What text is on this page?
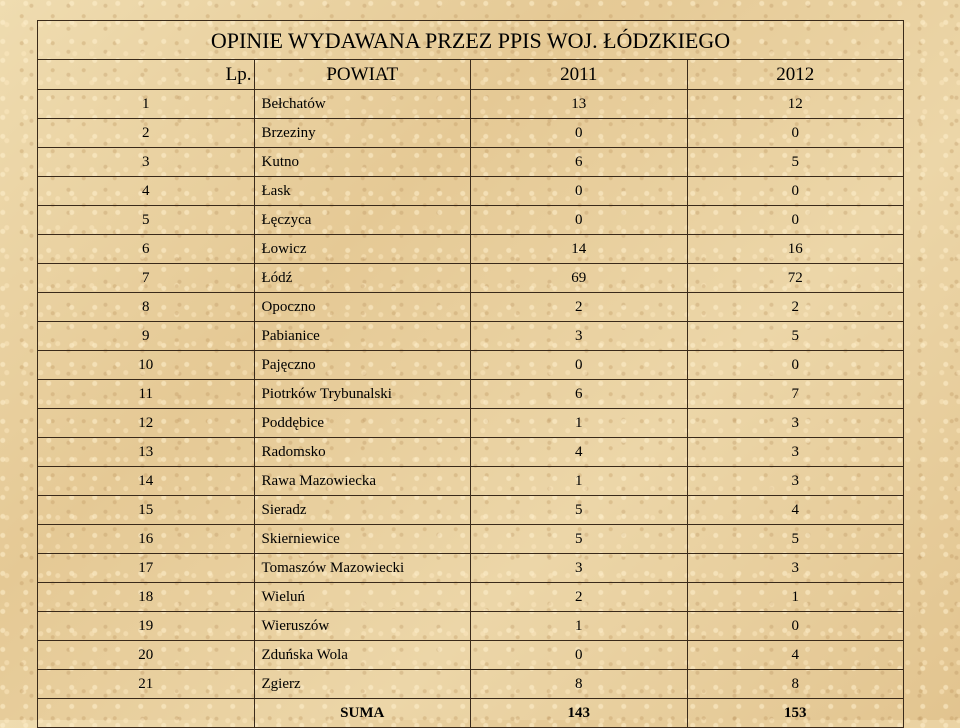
OPINIE WYDAWANA PRZEZ PPIS WOJ. ŁÓDZKIEGO			
Lp.	POWIAT	2011	2012
1	Bełchatów	13	12
2	Brzeziny	0	0
3	Kutno	6	5
4	Łask	0	0
5	Łęczyca	0	0
6	Łowicz	14	16
7	Łódź	69	72
8	Opoczno	2	2
9	Pabianice	3	5
10	Pajęczno	0	0
11	Piotrków Trybunalski	6	7
12	Poddębice	1	3
13	Radomsko	4	3
14	Rawa Mazowiecka	1	3
15	Sieradz	5	4
16	Skierniewice	5	5
17	Tomaszów Mazowiecki	3	3
18	Wieluń	2	1
19	Wieruszów	1	0
20	Zduńska Wola	0	4
21	Zgierz	8	8
	SUMA	143	153
